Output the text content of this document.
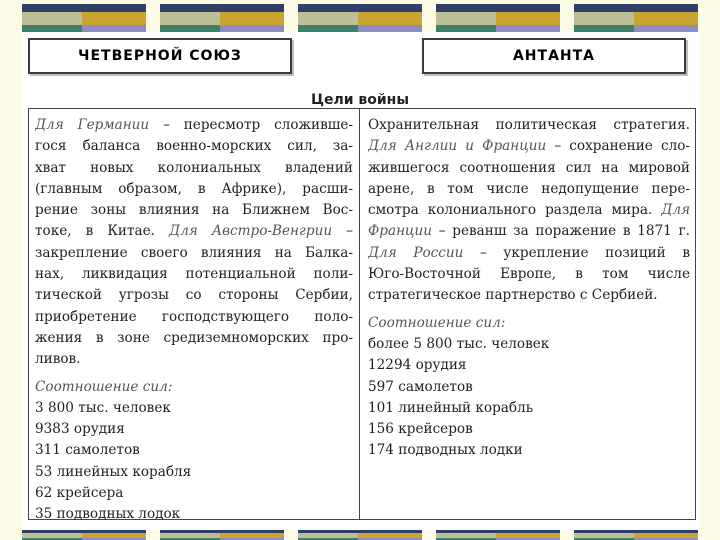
ЧЕТВЕРНОЙ СОЮЗ	АНТАНТА
Цели войны
Для Германии – пересмотр сложивше-
гося баланса военно-морских сил, за-
хват новых колониальных владений
(главным образом, в Африке), расши-
рение зоны влияния на Ближнем Вос-
токе, в Китае. Для Австро-Венгрии –
закрепление своего влияния на Балка-
нах, ликвидация потенциальной поли-
тической угрозы со стороны Сербии,
приобретение господствующего поло-
жения в зоне средиземноморских про-
ливов.
Соотношение сил:
3 800 тыс. человек
9383 орудия
311 самолетов
53 линейных корабля
62 крейсера
35 подводных лодок
Охранительная политическая стратегия.
Для Англии и Франции – сохранение сло-
жившегося соотношения сил на мировой
арене, в том числе недопущение пере-
смотра колониального раздела мира. Для
Франции – реванш за поражение в 1871 г.
Для России – укрепление позиций в
Юго-Восточной Европе, в том числе
стратегическое партнерство с Сербией.
Соотношение сил:
более 5 800 тыс. человек
12294 орудия
597 самолетов
101 линейный корабль
156 крейсеров
174 подводных лодки
